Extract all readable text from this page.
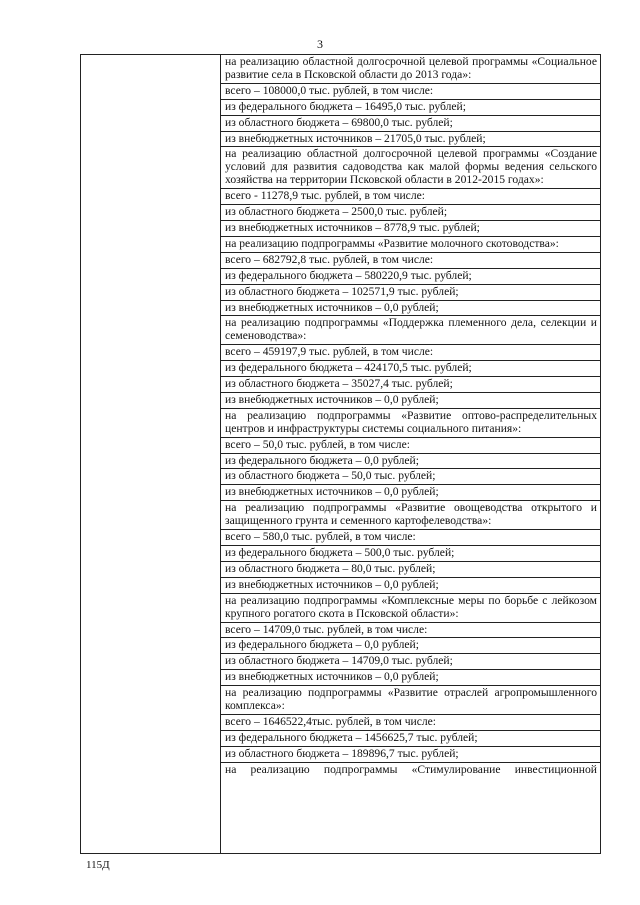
3
на реализацию областной долгосрочной целевой программы «Социальное развитие села в Псковской области до 2013 года»:
всего – 108000,0 тыс. рублей, в том числе:
из федерального бюджета – 16495,0 тыс. рублей;
из областного бюджета – 69800,0 тыс. рублей;
из внебюджетных источников – 21705,0 тыс. рублей;
на реализацию областной долгосрочной целевой программы «Создание условий для развития садоводства как малой формы ведения сельского хозяйства на территории Псковской области в 2012-2015 годах»:
всего - 11278,9 тыс. рублей, в том числе:
из областного бюджета – 2500,0 тыс. рублей;
из внебюджетных источников – 8778,9 тыс. рублей;
на реализацию подпрограммы «Развитие молочного скотоводства»:
всего – 682792,8 тыс. рублей, в том числе:
из федерального бюджета – 580220,9 тыс. рублей;
из областного бюджета – 102571,9 тыс. рублей;
из внебюджетных источников – 0,0 рублей;
на реализацию подпрограммы «Поддержка племенного дела, селекции и семеноводства»:
всего – 459197,9 тыс. рублей, в том числе:
из федерального бюджета – 424170,5 тыс. рублей;
из областного бюджета – 35027,4 тыс. рублей;
из внебюджетных источников – 0,0 рублей;
на реализацию подпрограммы «Развитие оптово-распределительных центров и инфраструктуры системы социального питания»:
всего – 50,0 тыс. рублей, в том числе:
из федерального бюджета – 0,0 рублей;
из областного бюджета – 50,0 тыс. рублей;
из внебюджетных источников – 0,0 рублей;
на реализацию подпрограммы «Развитие овощеводства открытого и защищенного грунта и семенного картофелеводства»:
всего – 580,0 тыс. рублей, в том числе:
из федерального бюджета – 500,0 тыс. рублей;
из областного бюджета – 80,0 тыс. рублей;
из внебюджетных источников – 0,0 рублей;
на реализацию подпрограммы «Комплексные меры по борьбе с лейкозом крупного рогатого скота в Псковской области»:
всего – 14709,0 тыс. рублей, в том числе:
из федерального бюджета – 0,0 рублей;
из областного бюджета – 14709,0 тыс. рублей;
из внебюджетных источников – 0,0 рублей;
на реализацию подпрограммы «Развитие отраслей агропромышленного комплекса»:
всего – 1646522,4тыс. рублей, в том числе:
из федерального бюджета – 1456625,7 тыс. рублей;
из областного бюджета – 189896,7 тыс. рублей;
на реализацию подпрограммы «Стимулирование инвестиционной
115Д
